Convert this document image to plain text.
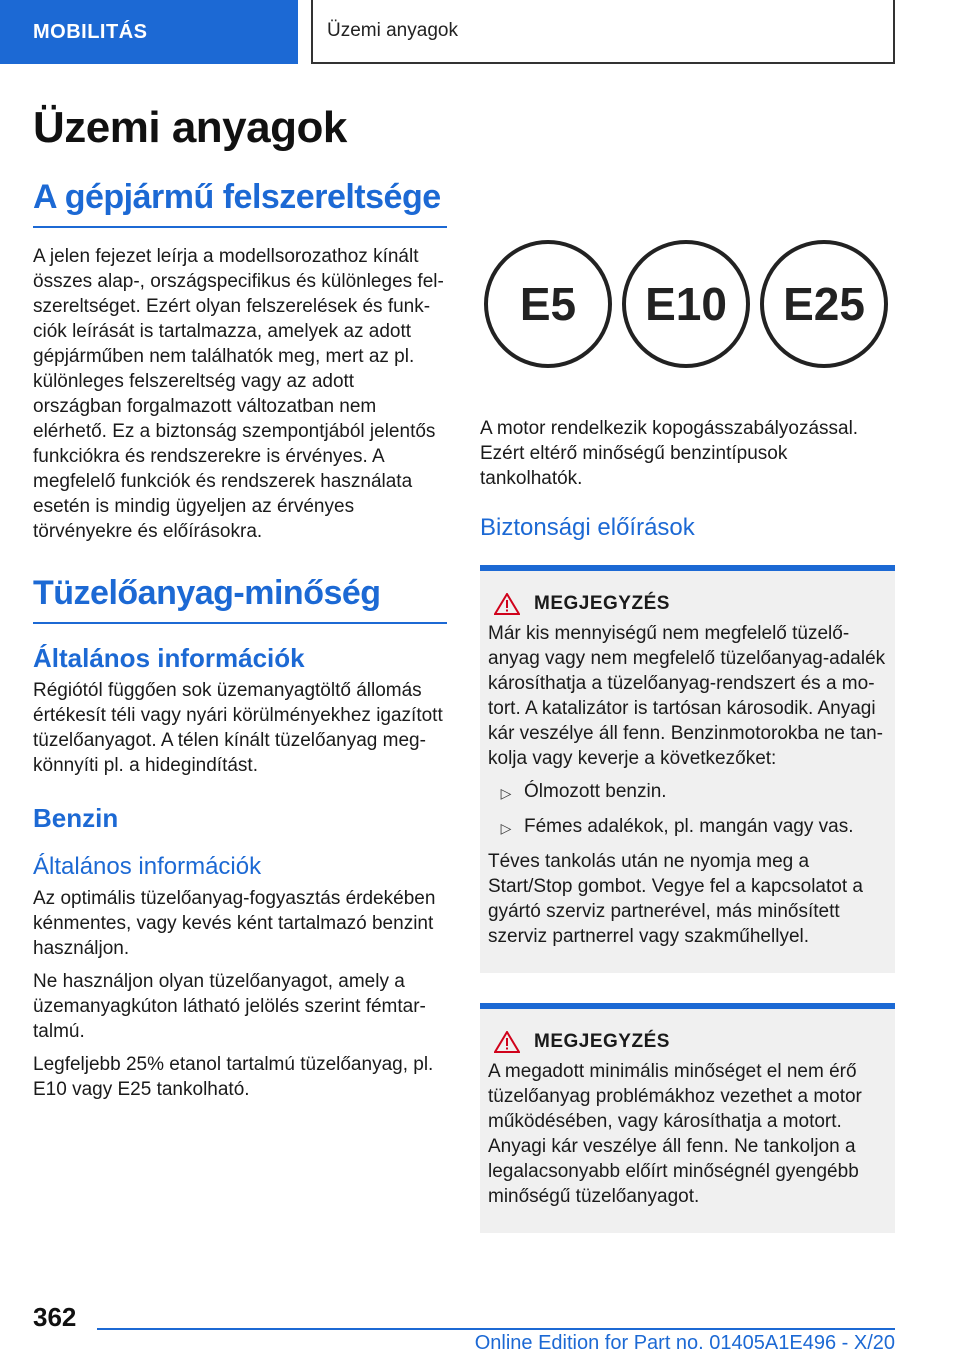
MOBILITÁS	Üzemi anyagok
Üzemi anyagok
A gépjármű felszereltsége

A jelen fejezet leírja a modellsorozathoz kínált összes alap-, országspecifikus és különleges felszereltséget. Ezért olyan felszerelések és funkciók leírását is tartalmazza, amelyek az adott gépjárműben nem találhatók meg, mert az pl. különleges felszereltség vagy az adott országban forgalmazott változatban nem elérhető. Ez a biztonság szempontjából jelentős funkciókra és rendszerekre is érvényes. A megfelelő funkciók és rendszerek használata esetén is mindig ügyeljen az érvényes törvényekre és előírásokra.

Tüzelőanyag-minőség
Általános információk

Régiótól függően sok üzemanyagtöltő állomás értékesít téli vagy nyári körülményekhez igazított tüzelőanyagot. A télen kínált tüzelőanyag megkönnyíti pl. a hidegindítást.

Benzin
Általános információk

Az optimális tüzelőanyag-fogyasztás érdekében kénmentes, vagy kevés ként tartalmazó benzint használjon.

Ne használjon olyan tüzelőanyagot, amely a üzemanyagkúton látható jelölés szerint fémtartalmú.

Legfeljebb 25% etanol tartalmú tüzelőanyag, pl. E10 vagy E25 tankolható.

E5	E10	E25

A motor rendelkezik kopogásszabályozással. Ezért eltérő minőségű benzintípusok tankolhatók.

Biztonsági előírások
MEGJEGYZÉS

Már kis mennyiségű nem megfelelő tüzelőanyag vagy nem megfelelő tüzelőanyag-adalék károsíthatja a tüzelőanyag-rendszert és a motort. A katalizátor is tartósan károsodik. Anyagi kár veszélye áll fenn. Benzinmotorokba ne tankolja vagy keverje a következőket:

▷ Ólmozott benzin.
▷ Fémes adalékok, pl. mangán vagy vas.

Téves tankolás után ne nyomja meg a Start/Stop gombot. Vegye fel a kapcsolatot a gyártó szerviz partnerével, más minősített szerviz partnerrel vagy szakműhellyel.

MEGJEGYZÉS

A megadott minimális minőséget el nem érő tüzelőanyag problémákhoz vezethet a motor működésében, vagy károsíthatja a motort. Anyagi kár veszélye áll fenn. Ne tankoljon a legalacsonyabb előírt minőségnél gyengébb minőségű tüzelőanyagot.

362
Online Edition for Part no. 01405A1E496 - X/20
